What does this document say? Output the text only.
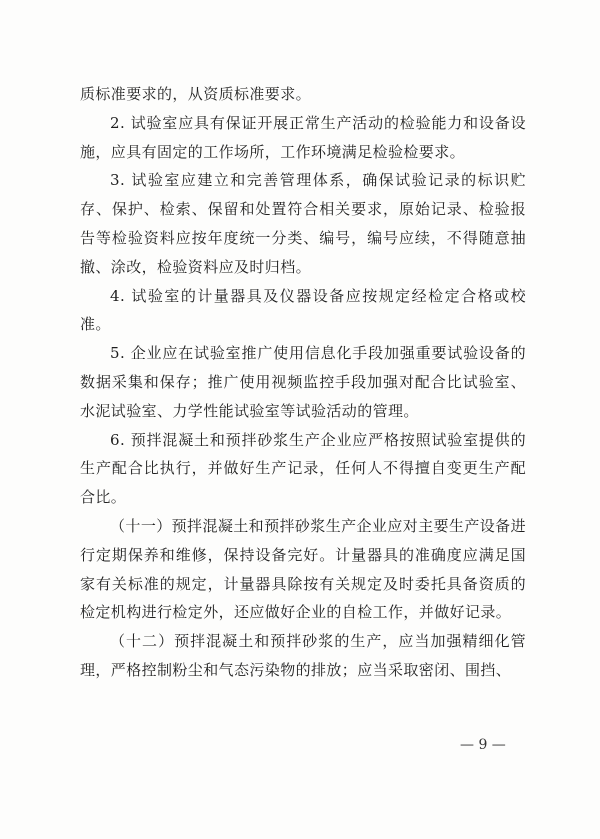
质标准要求的，从资质标准要求。

2. 试验室应具有保证开展正常生产活动的检验能力和设备设施，应具有固定的工作场所，工作环境满足检验检要求。

3. 试验室应建立和完善管理体系，确保试验记录的标识贮存、保护、检索、保留和处置符合相关要求，原始记录、检验报告等检验资料应按年度统一分类、编号，编号应续，不得随意抽撤、涂改，检验资料应及时归档。

4. 试验室的计量器具及仪器设备应按规定经检定合格或校准。

5. 企业应在试验室推广使用信息化手段加强重要试验设备的数据采集和保存；推广使用视频监控手段加强对配合比试验室、水泥试验室、力学性能试验室等试验活动的管理。

6. 预拌混凝土和预拌砂浆生产企业应严格按照试验室提供的生产配合比执行，并做好生产记录，任何人不得擅自变更生产配合比。

（十一）预拌混凝土和预拌砂浆生产企业应对主要生产设备进行定期保养和维修，保持设备完好。计量器具的准确度应满足国家有关标准的规定，计量器具除按有关规定及时委托具备资质的检定机构进行检定外，还应做好企业的自检工作，并做好记录。

（十二）预拌混凝土和预拌砂浆的生产，应当加强精细化管理，严格控制粉尘和气态污染物的排放；应当采取密闭、围挡、

— 9 —
